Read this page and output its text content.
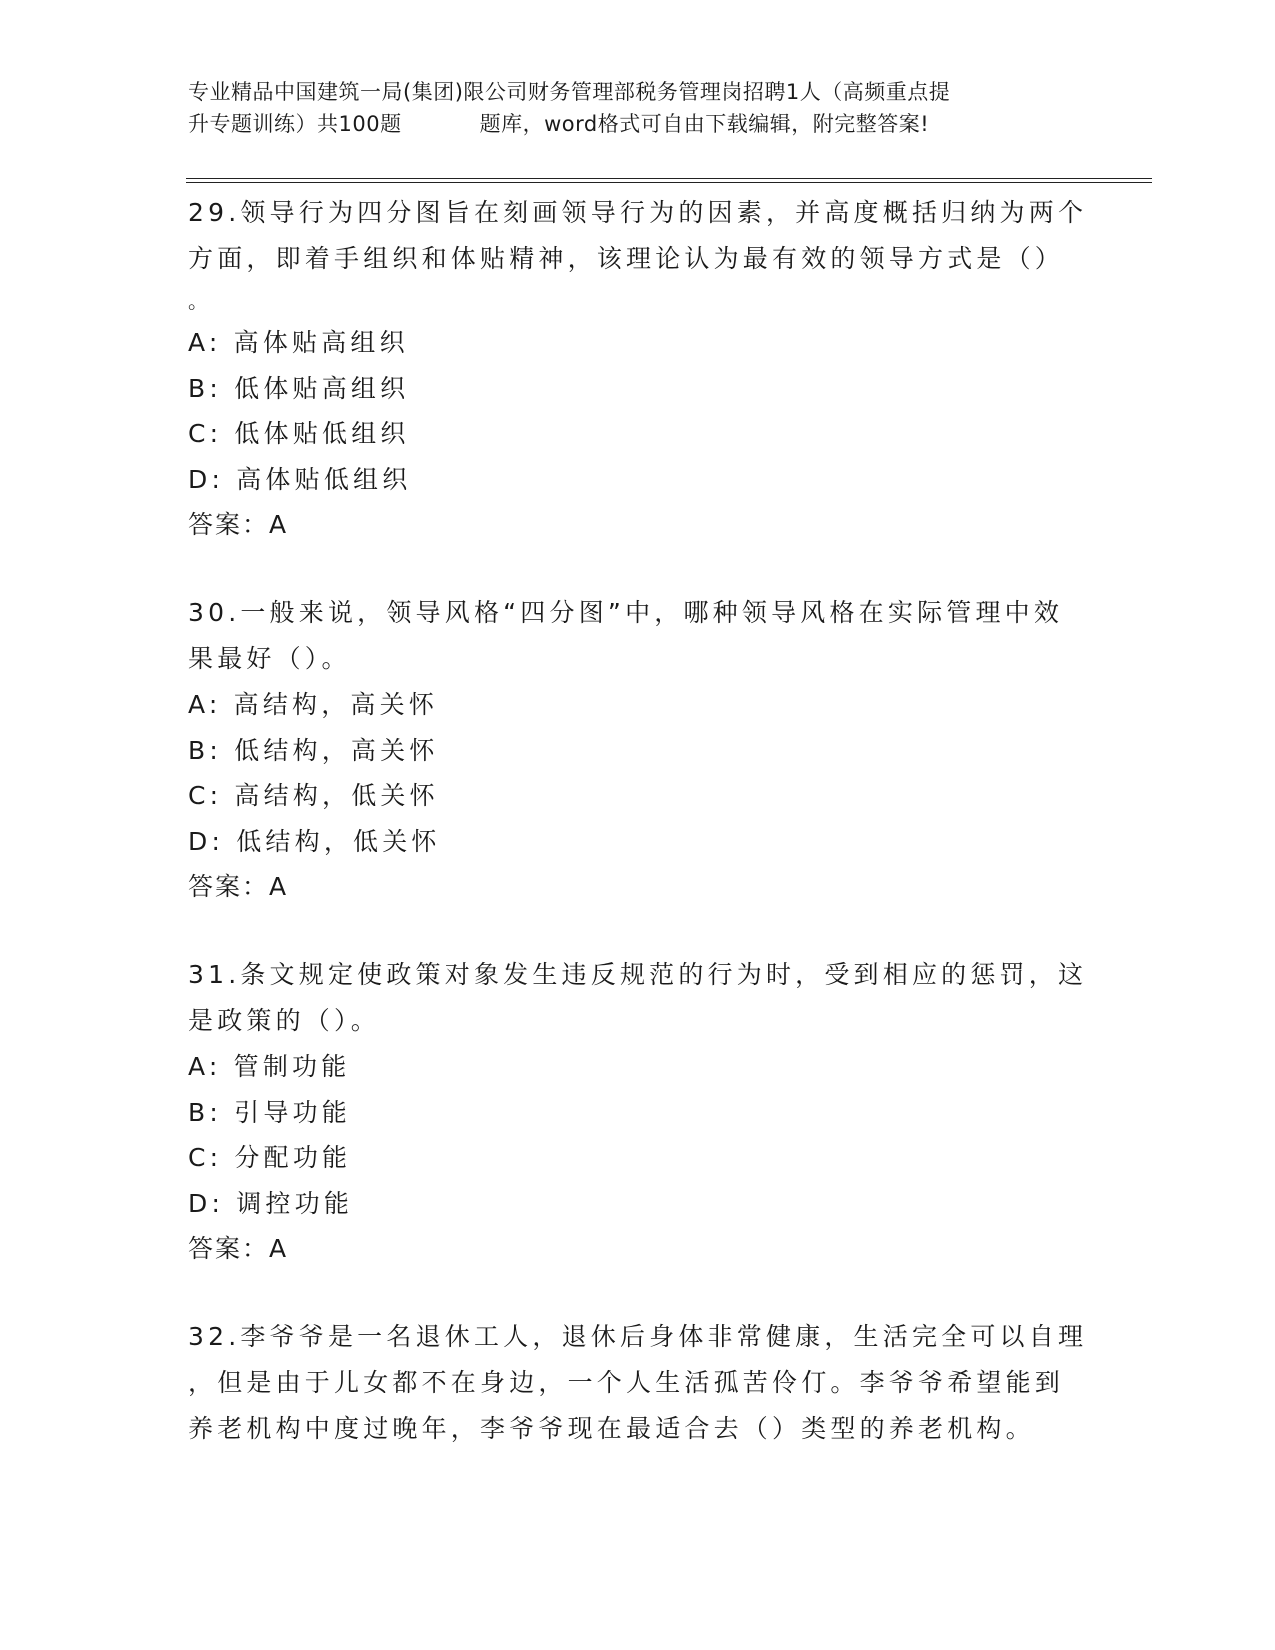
专业精品中国建筑一局(集团)限公司财务管理部税务管理岗招聘1人（高频重点提
升专题训练）共100题	题库，word格式可自由下载编辑，附完整答案!
29.领导行为四分图旨在刻画领导行为的因素，并高度概括归纳为两个
方面，即着手组织和体贴精神，该理论认为最有效的领导方式是（）
。
A: 高体贴高组织
B: 低体贴高组织
C: 低体贴低组织
D: 高体贴低组织
答案：A
30.一般来说，领导风格“四分图”中，哪种领导风格在实际管理中效
果最好（）。
A: 高结构，高关怀
B: 低结构，高关怀
C: 高结构，低关怀
D: 低结构，低关怀
答案：A
31.条文规定使政策对象发生违反规范的行为时，受到相应的惩罚，这
是政策的（）。
A: 管制功能
B: 引导功能
C: 分配功能
D: 调控功能
答案：A
32.李爷爷是一名退休工人，退休后身体非常健康，生活完全可以自理
，但是由于儿女都不在身边，一个人生活孤苦伶仃。李爷爷希望能到
养老机构中度过晚年，李爷爷现在最适合去（）类型的养老机构。
